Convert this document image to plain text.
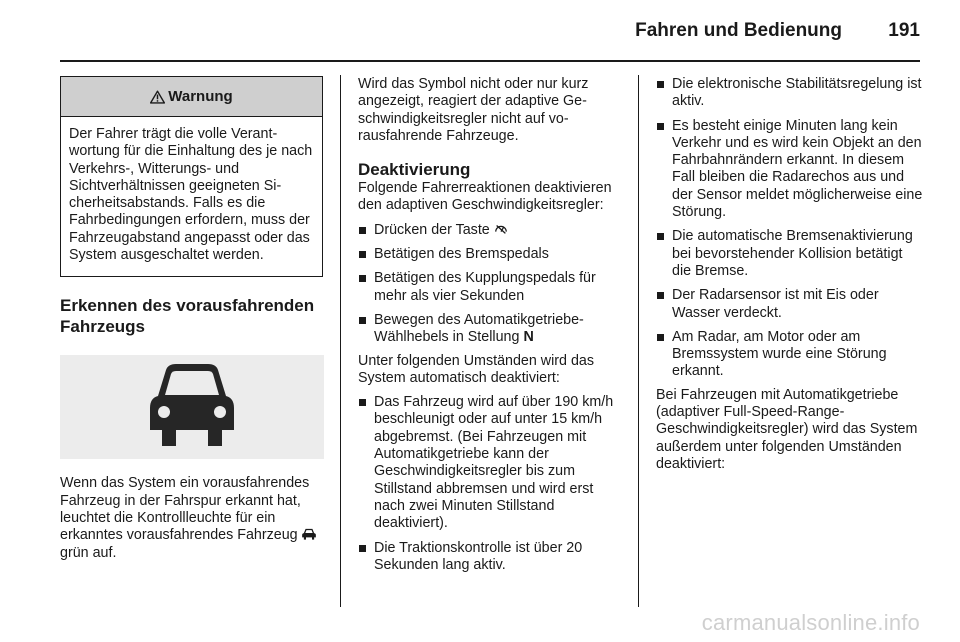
Fahren und Bedienung 191
Warnung
Der Fahrer trägt die volle Verantwortung für die Einhaltung des je nach Verkehrs-, Witterungs- und Sichtverhältnissen geeigneten Sicherheitsabstands. Falls es die Fahrbedingungen erfordern, muss der Fahrzeugabstand angepasst oder das System ausgeschaltet werden.
Erkennen des vorausfahrenden Fahrzeugs
Wenn das System ein vorausfahrendes Fahrzeug in der Fahrspur erkannt hat, leuchtet die Kontrollleuchte für ein erkanntes vorausfahrendes Fahrzeug  grün auf.
Wird das Symbol nicht oder nur kurz angezeigt, reagiert der adaptive Geschwindigkeitsregler nicht auf vorausfahrende Fahrzeuge.
Deaktivierung
Folgende Fahrerreaktionen deaktivieren den adaptiven Geschwindigkeitsregler:
Drücken der Taste
Betätigen des Bremspedals
Betätigen des Kupplungspedals für mehr als vier Sekunden
Bewegen des Automatikgetriebe-Wählhebels in Stellung N
Unter folgenden Umständen wird das System automatisch deaktiviert:
Das Fahrzeug wird auf über 190 km/h beschleunigt oder auf unter 15 km/h abgebremst. (Bei Fahrzeugen mit Automatikgetriebe kann der Geschwindigkeitsregler bis zum Stillstand abbremsen und wird erst nach zwei Minuten Stillstand deaktiviert).
Die Traktionskontrolle ist über 20 Sekunden lang aktiv.
Die elektronische Stabilitätsregelung ist aktiv.
Es besteht einige Minuten lang kein Verkehr und es wird kein Objekt an den Fahrbahnrändern erkannt. In diesem Fall bleiben die Radarechos aus und der Sensor meldet möglicherweise eine Störung.
Die automatische Bremsenaktivierung bei bevorstehender Kollision betätigt die Bremse.
Der Radarsensor ist mit Eis oder Wasser verdeckt.
Am Radar, am Motor oder am Bremssystem wurde eine Störung erkannt.
Bei Fahrzeugen mit Automatikgetriebe (adaptiver Full-Speed-Range-Geschwindigkeitsregler) wird das System außerdem unter folgenden Umständen deaktiviert:
carmanualsonline.info
